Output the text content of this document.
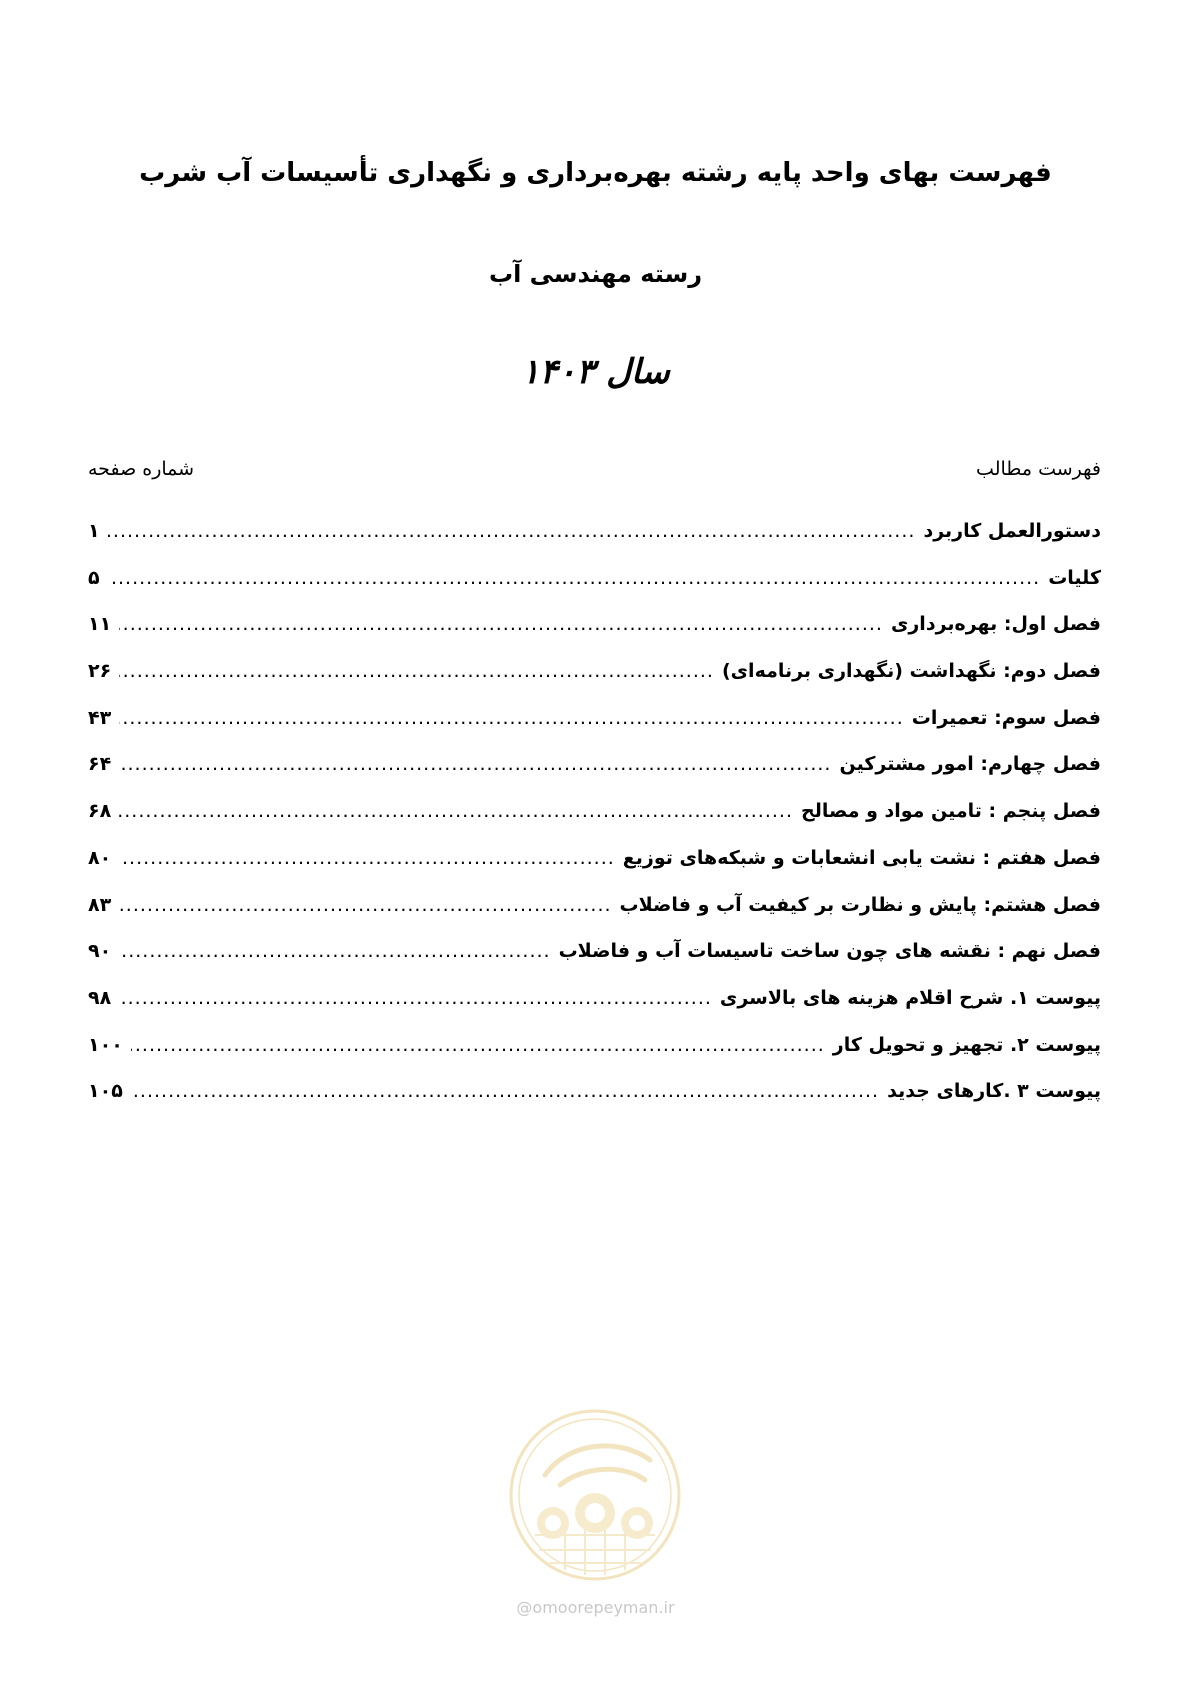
فهرست بهای واحد پایه رشته بهره‌برداری و نگهداری تأسیسات آب شرب
رسته مهندسی آب
سال ۱۴۰۳
فهرست مطالب
شماره صفحه
دستورالعمل کاربرد
.....
۱
کلیات
.....
۵
فصل اول: بهره‌برداری
.....
۱۱
فصل دوم: نگهداشت (نگهداری برنامه‌ای)
.....
۲۶
فصل سوم: تعمیرات
.....
۴۳
فصل چهارم: امور مشترکین
.....
۶۴
فصل پنجم : تامین مواد و مصالح
.....
۶۸
فصل هفتم : نشت یابی انشعابات و شبکه‌های توزیع
.....
۸۰
فصل هشتم: پایش و نظارت بر کیفیت آب و فاضلاب
.....
۸۳
فصل نهم : نقشه های چون ساخت تاسیسات آب و فاضلاب
.....
۹۰
پیوست ۱. شرح اقلام هزینه های بالاسری
.....
۹۸
پیوست ۲. تجهیز و تحویل کار
.....
۱۰۰
پیوست ۳ .کارهای جدید
.....
۱۰۵
@omoorepeyman.ir
